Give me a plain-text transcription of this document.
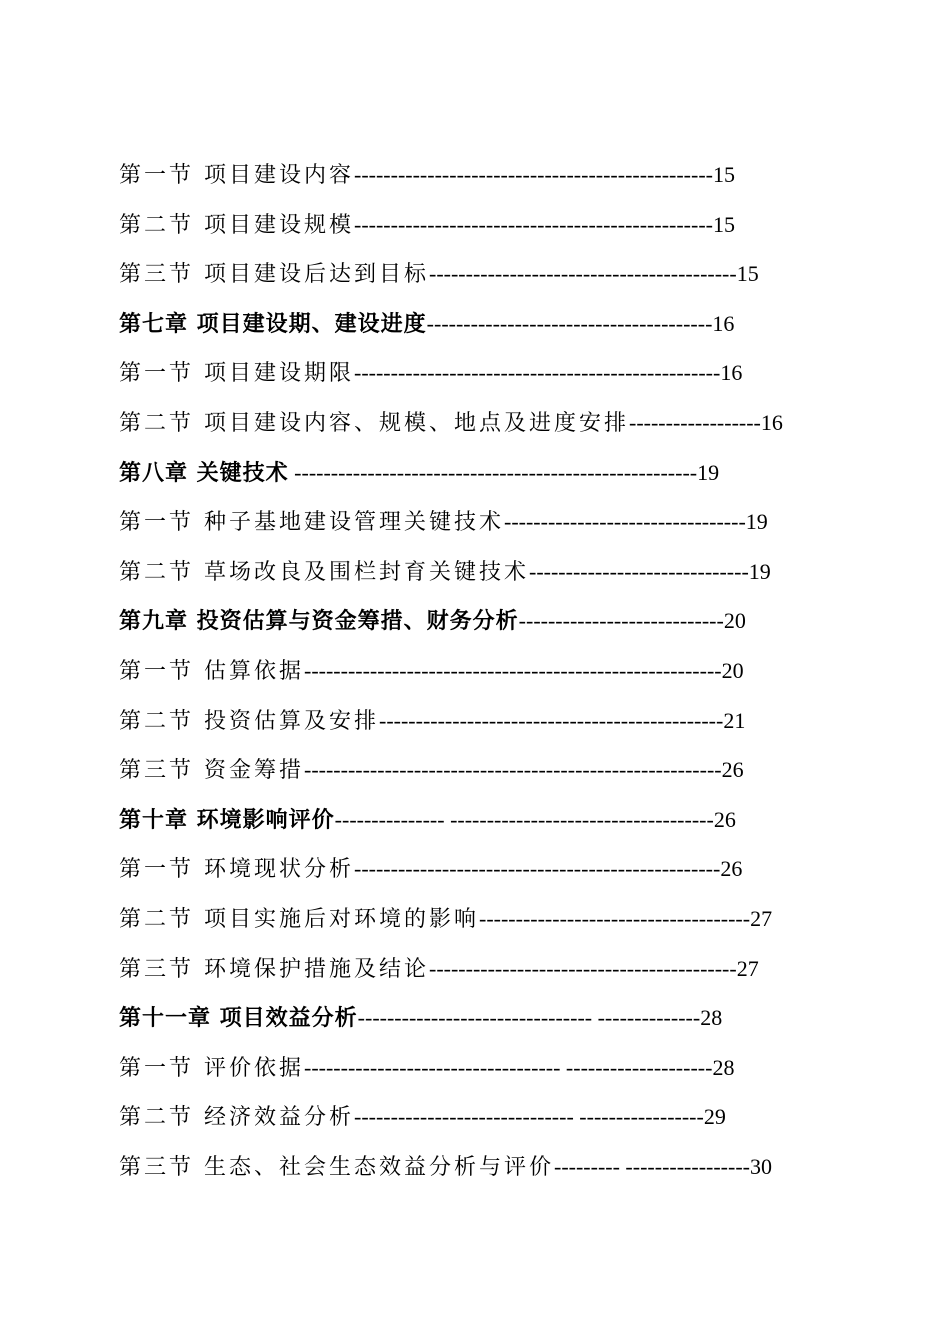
第一节 项目建设内容-------------------------------------------------15
第二节 项目建设规模-------------------------------------------------15
第三节 项目建设后达到目标------------------------------------------15
第七章 项目建设期、建设进度---------------------------------------16
第一节 项目建设期限--------------------------------------------------16
第二节 项目建设内容、规模、地点及进度安排------------------16
第八章 关键技术 -------------------------------------------------------19
第一节 种子基地建设管理关键技术---------------------------------19
第二节 草场改良及围栏封育关键技术------------------------------19
第九章 投资估算与资金筹措、财务分析----------------------------20
第一节 估算依据---------------------------------------------------------20
第二节 投资估算及安排-----------------------------------------------21
第三节 资金筹措---------------------------------------------------------26
第十章 环境影响评价--------------- ------------------------------------26
第一节 环境现状分析--------------------------------------------------26
第二节 项目实施后对环境的影响-------------------------------------27
第三节 环境保护措施及结论------------------------------------------27
第十一章 项目效益分析-------------------------------- --------------28
第一节 评价依据----------------------------------- --------------------28
第二节 经济效益分析------------------------------ -----------------29
第三节 生态、社会生态效益分析与评价--------- -----------------30
